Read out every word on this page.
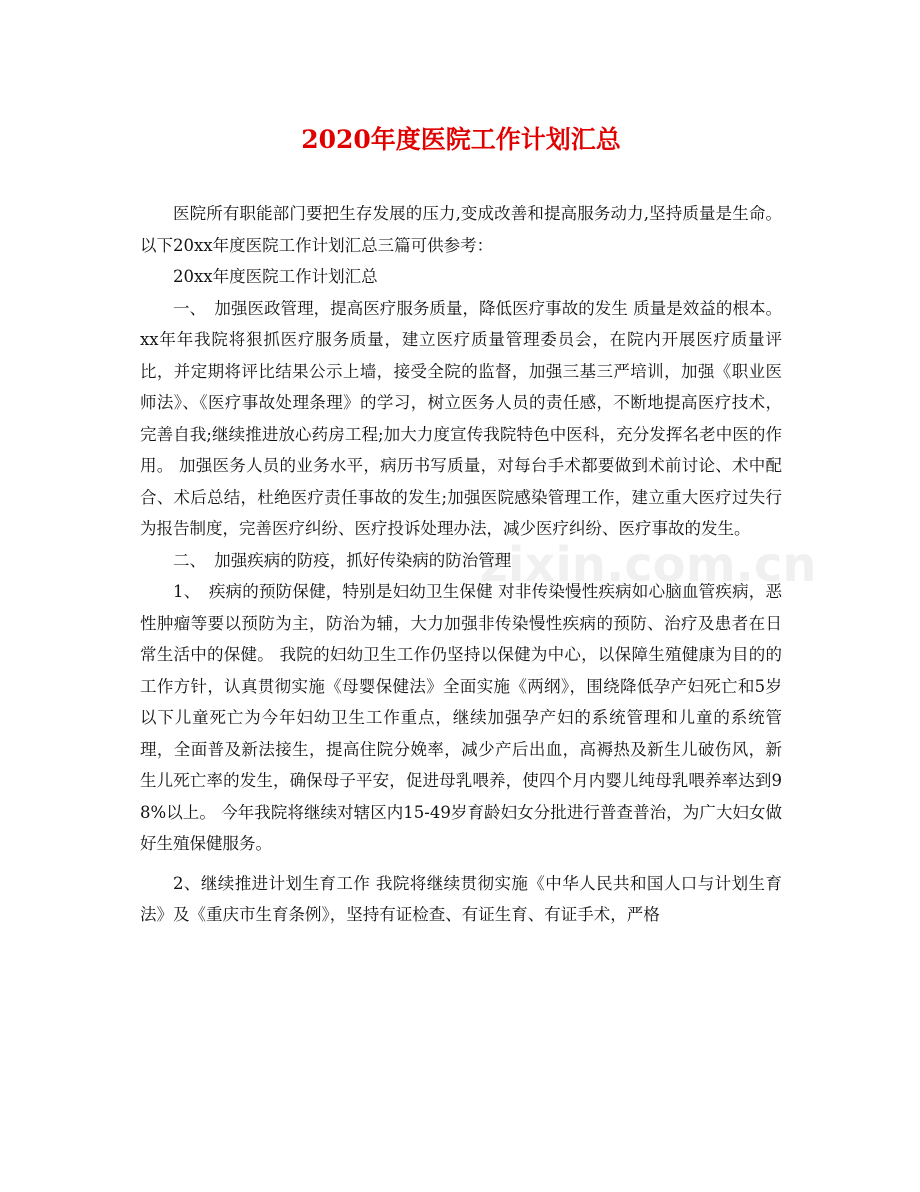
2020年度医院工作计划汇总

医院所有职能部门要把生存发展的压力,变成改善和提高服务动力,坚持质量是生命。以下20xx年度医院工作计划汇总三篇可供参考：

20xx年度医院工作计划汇总

一、　加强医政管理，提高医疗服务质量，降低医疗事故的发生 质量是效益的根本。xx年年我院将狠抓医疗服务质量，建立医疗质量管理委员会，在院内开展医疗质量评比，并定期将评比结果公示上墙，接受全院的监督，加强三基三严培训，加强《职业医师法》、《医疗事故处理条理》的学习，树立医务人员的责任感，不断地提高医疗技术，完善自我;继续推进放心药房工程;加大力度宣传我院特色中医科，充分发挥名老中医的作用。 加强医务人员的业务水平，病历书写质量，对每台手术都要做到术前讨论、术中配合、术后总结，杜绝医疗责任事故的发生;加强医院感染管理工作，建立重大医疗过失行为报告制度，完善医疗纠纷、医疗投诉处理办法，减少医疗纠纷、医疗事故的发生。

二、　加强疾病的防疫，抓好传染病的防治管理

1、　疾病的预防保健，特别是妇幼卫生保健 对非传染慢性疾病如心脑血管疾病，恶性肿瘤等要以预防为主，防治为辅，大力加强非传染慢性疾病的预防、治疗及患者在日常生活中的保健。 我院的妇幼卫生工作仍坚持以保健为中心，以保障生殖健康为目的的工作方针，认真贯彻实施《母婴保健法》全面实施《两纲》，围绕降低孕产妇死亡和5岁以下儿童死亡为今年妇幼卫生工作重点，继续加强孕产妇的系统管理和儿童的系统管理，全面普及新法接生，提高住院分娩率，减少产后出血，高褥热及新生儿破伤风，新生儿死亡率的发生，确保母子平安，促进母乳喂养，使四个月内婴儿纯母乳喂养率达到98%以上。 今年我院将继续对辖区内15-49岁育龄妇女分批进行普查普治，为广大妇女做好生殖保健服务。

2、继续推进计划生育工作 我院将继续贯彻实施《中华人民共和国人口与计划生育法》及《重庆市生育条例》，坚持有证检查、有证生育、有证手术，严格

zixin.com.cn
